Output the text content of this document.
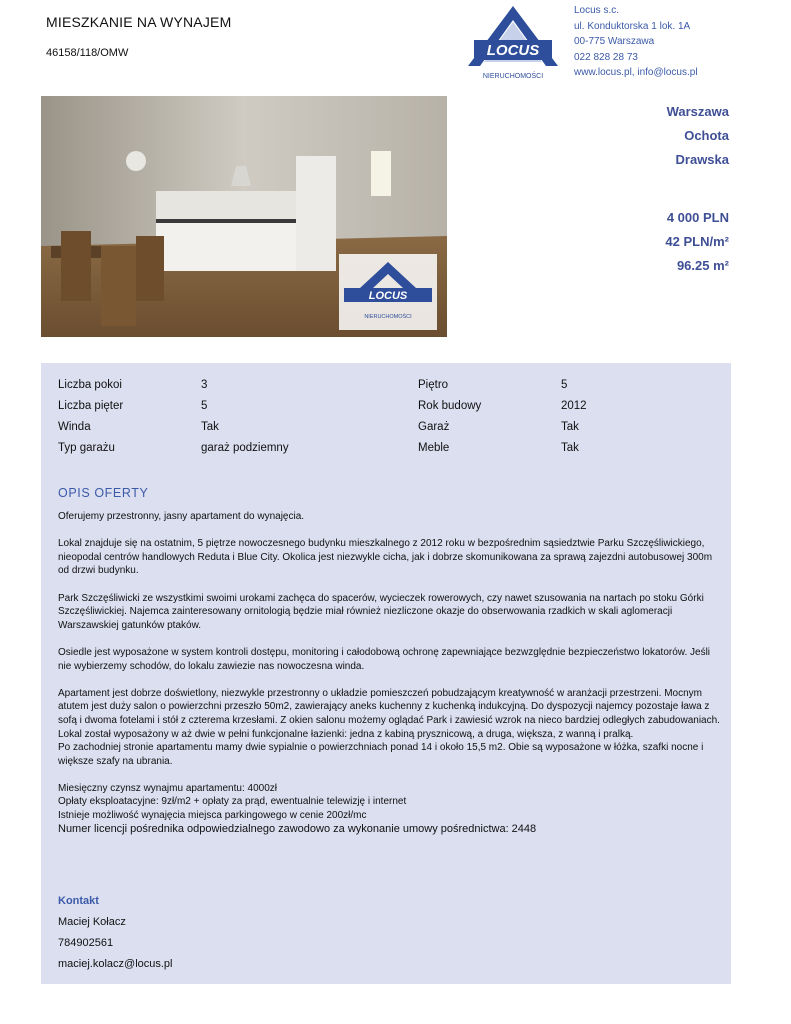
MIESZKANIE NA WYNAJEM
46158/118/OMW	LOCUS
NIERUCHOMOŚCI
Locus s.c.
ul. Konduktorska 1 lok. 1A
00-775 Warszawa
022 828 28 73
www.locus.pl, info@locus.pl
LOCUS
NIERUCHOMOŚCI
Warszawa
Ochota
Drawska
4 000 PLN
42 PLN/m²
96.25 m²
Liczba pokoi	3	Piętro	5
Liczba pięter	5	Rok budowy	2012
Winda	Tak	Garaż	Tak
Typ garażu	garaż podziemny	Meble	Tak
OPIS OFERTY

Oferujemy przestronny, jasny apartament do wynajęcia.

Lokal znajduje się na ostatnim, 5 piętrze nowoczesnego budynku mieszkalnego z 2012 roku w bezpośrednim sąsiedztwie Parku Szczęśliwickiego, nieopodal centrów handlowych Reduta i Blue City. Okolica jest niezwykle cicha, jak i dobrze skomunikowana za sprawą zajezdni autobusowej 300m od drzwi budynku.

Park Szczęśliwicki ze wszystkimi swoimi urokami zachęca do spacerów, wycieczek rowerowych, czy nawet szusowania na nartach po stoku Górki Szczęśliwickiej. Najemca zainteresowany ornitologią będzie miał również niezliczone okazje do obserwowania rzadkich w skali aglomeracji Warszawskiej gatunków ptaków.

Osiedle jest wyposażone w system kontroli dostępu, monitoring i całodobową ochronę zapewniające bezwzględnie bezpieczeństwo lokatorów. Jeśli nie wybierzemy schodów, do lokalu zawiezie nas nowoczesna winda.

Apartament jest dobrze doświetlony, niezwykle przestronny o układzie pomieszczeń pobudzającym kreatywność w aranżacji przestrzeni. Mocnym atutem jest duży salon o powierzchni przeszło 50m2, zawierający aneks kuchenny z kuchenką indukcyjną. Do dyspozycji najemcy pozostaje ława z sofą i dwoma fotelami i stół z czterema krzesłami. Z okien salonu możemy oglądać Park i zawiesić wzrok na nieco bardziej odległych zabudowaniach.

Lokal został wyposażony w aż dwie w pełni funkcjonalne łazienki: jedna z kabiną prysznicową, a druga, większa, z wanną i pralką.

Po zachodniej stronie apartamentu mamy dwie sypialnie o powierzchniach ponad 14 i około 15,5 m2. Obie są wyposażone w łóżka, szafki nocne i większe szafy na ubrania.

Miesięczny czynsz wynajmu apartamentu: 4000zł

Opłaty eksploatacyjne: 9zł/m2 + opłaty za prąd, ewentualnie telewizję i internet

Istnieje możliwość wynajęcia miejsca parkingowego w cenie 200zł/mc

Numer licencji pośrednika odpowiedzialnego zawodowo za wykonanie umowy pośrednictwa: 2448

Kontakt
Maciej Kołacz
784902561
maciej.kolacz@locus.pl
